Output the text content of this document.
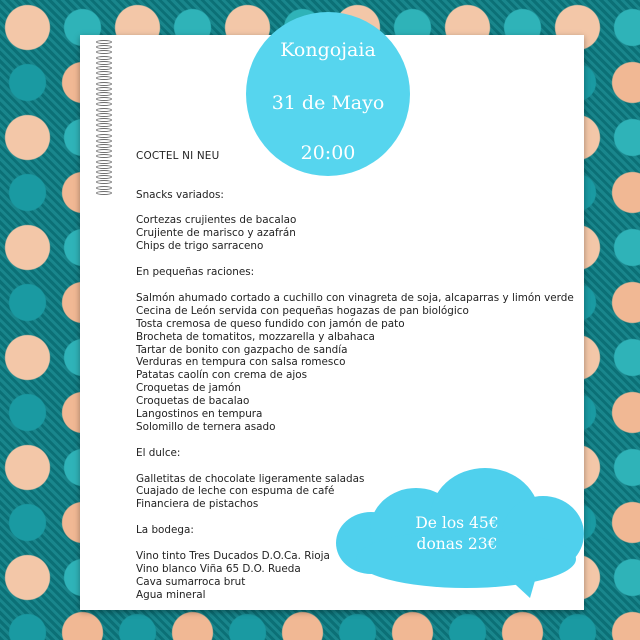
COCTEL NI NEU
Snacks variados:
Cortezas crujientes de bacalao
Crujiente de marisco y azafrán
Chips de trigo sarraceno
En pequeñas raciones:
Salmón ahumado cortado a cuchillo con vinagreta de soja, alcaparras y limón verde
Cecina de León servida con pequeñas hogazas de pan biológico
Tosta cremosa de queso fundido con jamón de pato
Brocheta de tomatitos, mozzarella y albahaca
Tartar de bonito con gazpacho de sandía
Verduras en tempura con salsa romesco
Patatas caolín con crema de ajos
Croquetas de jamón
Croquetas de bacalao
Langostinos en tempura
Solomillo de ternera asado
El dulce:
Galletitas de chocolate ligeramente saladas
Cuajado de leche con espuma de café
Financiera de pistachos
La bodega:
Vino tinto Tres Ducados D.O.Ca. Rioja
Vino blanco Viña 65 D.O. Rueda
Cava sumarroca brut
Agua mineral
Kongojaia
31 de Mayo
20:00
De los 45€
donas 23€
